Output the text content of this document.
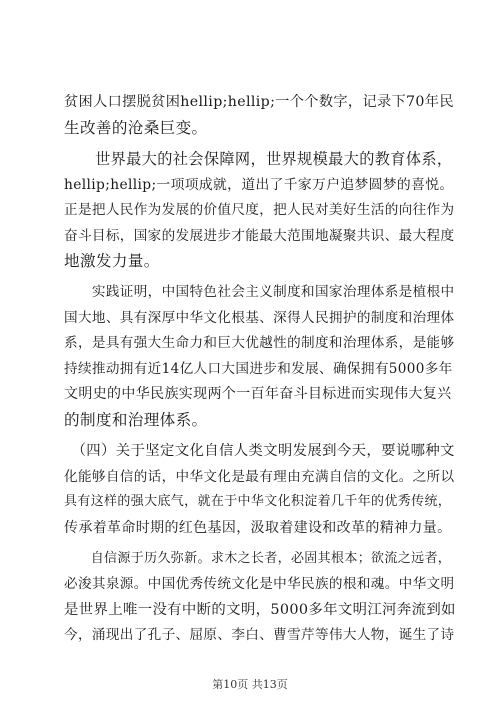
贫困人口摆脱贫困hellip;hellip;一个个数字，记录下70年民
生改善的沧桑巨变。
　　世界最大的社会保障网，世界规模最大的教育体系，
hellip;hellip;一项项成就，道出了千家万户追梦圆梦的喜悦。
正是把人民作为发展的价值尺度，把人民对美好生活的向往作为
奋斗目标，国家的发展进步才能最大范围地凝聚共识、最大程度
地激发力量。
　　实践证明，中国特色社会主义制度和国家治理体系是植根中
国大地、具有深厚中华文化根基、深得人民拥护的制度和治理体
系，是具有强大生命力和巨大优越性的制度和治理体系，是能够
持续推动拥有近14亿人口大国进步和发展、确保拥有5000多年
文明史的中华民族实现两个一百年奋斗目标进而实现伟大复兴
的制度和治理体系。
　（四）关于坚定文化自信人类文明发展到今天，要说哪种文
化能够自信的话，中华文化是最有理由充满自信的文化。之所以
具有这样的强大底气，就在于中华文化积淀着几千年的优秀传统，
传承着革命时期的红色基因，汲取着建设和改革的精神力量。
　　自信源于历久弥新。求木之长者，必固其根本；欲流之远者，
必浚其泉源。中国优秀传统文化是中华民族的根和魂。中华文明
是世界上唯一没有中断的文明，5000多年文明江河奔流到如
今，涌现出了孔子、屈原、李白、曹雪芹等伟大人物，诞生了诗
第10页 共13页
